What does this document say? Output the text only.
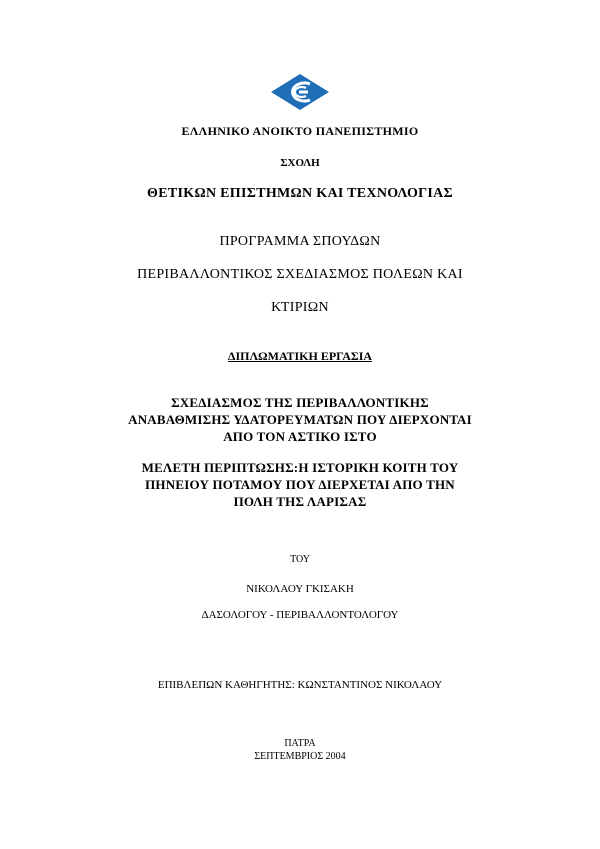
ΕΛΛΗΝΙΚΟ ΑΝΟΙΚΤΟ ΠΑΝΕΠΙΣΤΗΜΙΟ
ΣΧΟΛΗ
ΘΕΤΙΚΩΝ ΕΠΙΣΤΗΜΩΝ ΚΑΙ ΤΕΧΝΟΛΟΓΙΑΣ
ΠΡΟΓΡΑΜΜΑ ΣΠΟΥΔΩΝ
ΠΕΡΙΒΑΛΛΟΝΤΙΚΟΣ ΣΧΕΔΙΑΣΜΟΣ ΠΟΛΕΩΝ ΚΑΙ
ΚΤΙΡΙΩΝ
ΔΙΠΛΩΜΑΤΙΚΗ ΕΡΓΑΣΙΑ
ΣΧΕΔΙΑΣΜΟΣ ΤΗΣ ΠΕΡΙΒΑΛΛΟΝΤΙΚΗΣ
ΑΝΑΒΑΘΜΙΣΗΣ ΥΔΑΤΟΡΕΥΜΑΤΩΝ ΠΟΥ ΔΙΕΡΧΟΝΤΑΙ
ΑΠΟ ΤΟΝ ΑΣΤΙΚΟ ΙΣΤΟ
ΜΕΛΕΤΗ ΠΕΡΙΠΤΩΣΗΣ:Η ΙΣΤΟΡΙΚΗ ΚΟΙΤΗ ΤΟΥ
ΠΗΝΕΙΟΥ ΠΟΤΑΜΟΥ ΠΟΥ ΔΙΕΡΧΕΤΑΙ ΑΠΟ ΤΗΝ
ΠΟΛΗ ΤΗΣ ΛΑΡΙΣΑΣ
ΤΟΥ
ΝΙΚΟΛΑΟΥ ΓΚΙΣΑΚΗ
ΔΑΣΟΛΟΓΟΥ - ΠΕΡΙΒΑΛΛΟΝΤΟΛΟΓΟΥ
ΕΠΙΒΛΕΠΩΝ ΚΑΘΗΓΗΤΗΣ: ΚΩΝΣΤΑΝΤΙΝΟΣ ΝΙΚΟΛΑΟΥ
ΠΑΤΡΑ
ΣΕΠΤΕΜΒΡΙΟΣ 2004
